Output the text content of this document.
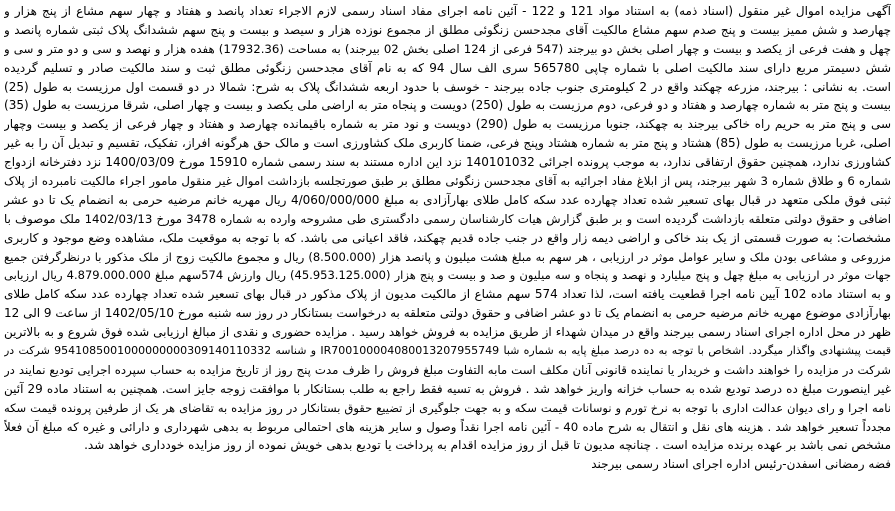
آگهی مزایده اموال غیر منقول (اسناد ذمه) به استناد مواد 121 و 122 - آئین نامه اجرای مفاد اسناد رسمی لازم الاجراء تعداد پانصد و هفتاد و چهار سهم مشاع از پنج هزار و
چهارصد و شش ممیز بیست و پنج صدم سهم مشاع مالکیت آقای مجدحسن زنگوئی مطلق از مجموع نوزده هزار و سیصد و بیست و پنج سهم ششدانگ پلاک ثبتی شماره پانصد و
چهل و هفت فرعی از یکصد و بیست و چهار اصلی بخش دو بیرجند (547 فرعی از 124 اصلی بخش 02 بیرجند) به مساحت (17932.36) هفده هزار و نهصد و سی و دو متر و سی و
شش دسیمتر مربع دارای سند مالکیت اصلی با شماره چاپی 565780 سری الف سال 94 که به نام آقای مجدحسن زنگوئی مطلق ثبت و سند مالکیت صادر و تسلیم گردیده
است. به نشانی : بیرجند، مزرعه چهکند واقع در 2 کیلومتری جنوب جاده بیرجند - خوسف با حدود اربعه ششدانگ پلاک به شرح: شمالا در دو قسمت اول مرزیست به طول (25)
بیست و پنج متر به شماره چهارصد و هفتاد و دو فرعی، دوم مرزیست به طول (250) دویست و پنجاه متر به اراضی ملی یکصد و بیست و چهار اصلی، شرقا مرزیست به طول (35)
سی و پنج متر به حریم راه خاکی بیرجند به چهکند، جنوبا مرزیست به طول (290) دویست و نود متر به شماره باقیمانده چهارصد و هفتاد و چهار فرعی از یکصد و بیست وچهار
اصلی، غربا مرزیست به طول (85) هشتاد و پنج متر به شماره هشتاد وپنج فرعی، ضمنا کاربری ملک کشاورزی است و مالک حق هرگونه افراز، تفکیک، تقسیم و تبدیل آن را به غیر
کشاورزی ندارد، همچنین حقوق ارتفاقی ندارد، به موجب پرونده اجرائی 140101032 نزد این اداره مستند به سند رسمی شماره 15910 مورخ 1400/03/09 نزد دفترخانه ازدواج
شماره 6 و طلاق شماره 3 شهر بیرجند، پس از ابلاغ مفاد اجرائیه به آقای مجدحسن زنگوئی مطلق بر طبق صورتجلسه بازداشت اموال غیر منقول مامور اجراء مالکیت نامبرده از پلاک
ثبتی فوق ملکی متعهد در قبال بهای تسعیر شده تعداد چهارده عدد سکه کامل طلای بهارآزادی به مبلغ 4/060/000/000 ریال مهریه خانم مرضیه حرمی به انضمام یک تا دو عشر
اضافی و حقوق دولتی متعلقه بازداشت گردیده است و بر طبق گزارش هیات کارشناسان رسمی دادگستری طی مشروحه وارده به شماره 3478 مورخ 1402/03/13 ملک موصوف با
مشخصات: به صورت قسمتی از یک بند خاکی و اراضی دیمه زار واقع در جنب جاده قدیم چهکند، فاقد اعیانی می باشد. که با توجه به موقعیت ملک، مشاهده وضع موجود و کاربری
مزروعی و مشاعی بودن ملک و سایر عوامل موثر در ارزیابی ، هر سهم به مبلغ هشت میلیون و پانصد هزار (8.500.000) ریال و مجموع مالکیت زوج از ملک مذکور با درنظرگرفتن جمیع
جهات موثر در ارزیابی به مبلغ چهل و پنج میلیارد و نهصد و پنجاه و سه میلیون و صد و بیست و پنج هزار (45.953.125.000) ریال وارزش 574سهم مبلغ 4.879.000.000 ریال ارزیابی
و به استناد ماده 102 آیین نامه اجرا قطعیت یافته است، لذا تعداد 574 سهم مشاع از مالکیت مدیون از پلاک مذکور در قبال بهای تسعیر شده تعداد چهارده عدد سکه کامل طلای
بهارآزادی موضوع مهریه خانم مرضیه حرمی به انضمام یک تا دو عشر اضافی و حقوق دولتی متعلقه به درخواست بستانکار در روز سه شنبه مورخ 1402/05/10 از ساعت 9 الی 12
ظهر در محل اداره اجرای اسناد رسمی بیرجند واقع در میدان شهداء از طریق مزایده به فروش خواهد رسید . مزایده حضوری و نقدی از مبالغ ارزیابی شده فوق شروع و به بالاترین
قیمت پیشنهادی واگذار میگردد. اشخاص با توجه به ده درصد مبلغ پایه به شماره شبا IR700100004080013207955749 و شناسه 9541085001000000000309140110332 شرکت در
شرکت در مزایده را خواهند داشت و خریدار یا نماینده قانونی آنان مکلف است مابه التفاوت مبلغ فروش را ظرف مدت پنج روز از تاریخ مزایده به حساب سپرده اجرایی تودیع نمایند در
غیر اینصورت مبلغ ده درصد تودیع شده به حساب خزانه واریز خواهد شد . فروش به تسیه فقط راجع به طلب بستانکار با موافقت زوجه جایز است. همچنین به استناد ماده 29 آئین
نامه اجرا و رای دیوان عدالت اداری با توجه به نرخ تورم و نوسانات قیمت سکه و به جهت جلوگیری از تضییع حقوق بستانکار در روز مزایده به تقاضای هر یک از طرفین پرونده قیمت سکه
مجدداً تسعیر خواهد شد . هزینه های نقل و انتقال به شرح ماده 40 - آئین نامه اجرا نقداً وصول و سایر هزینه های احتمالی مربوط به بدهی شهرداری و دارائی و غیره که مبلغ آن فعلاً
مشخص نمی باشد بر عهده برنده مزایده است . چنانچه مدیون تا قبل از روز مزایده اقدام به پرداخت یا تودیع بدهی خویش نموده از روز مزایده خودداری خواهد شد.
فضه رمضانی اسفدن-رئیس اداره اجرای اسناد رسمی بیرجند
